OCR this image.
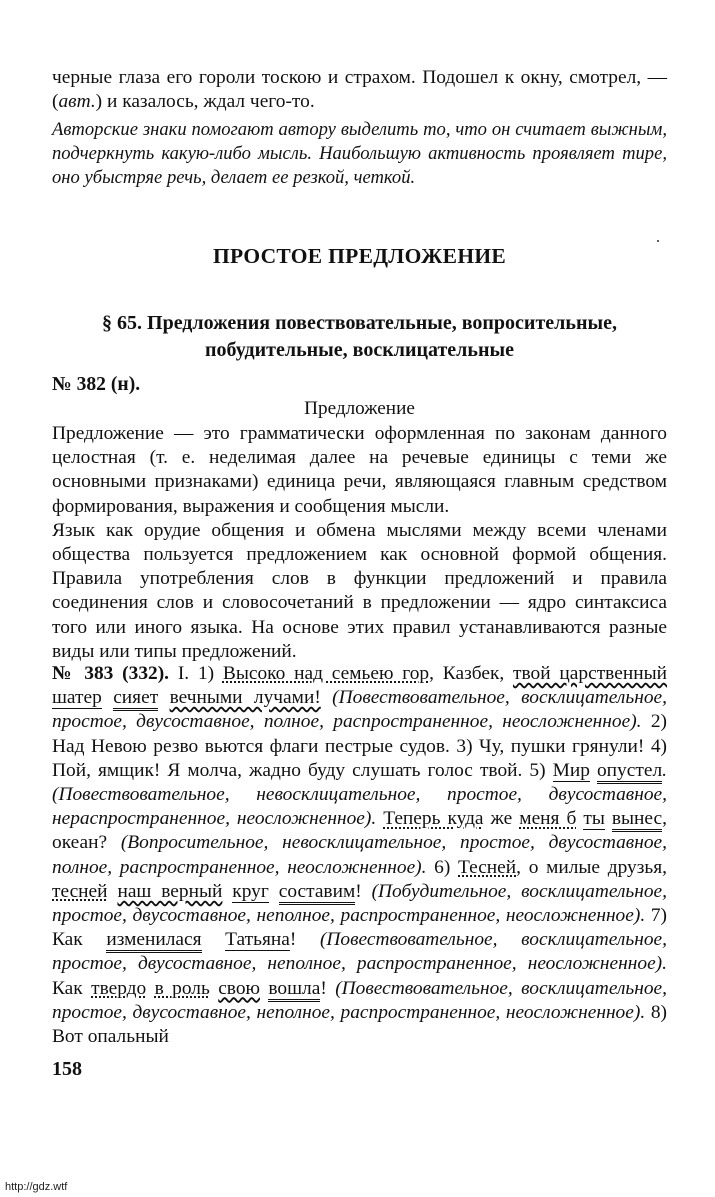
черные глаза его гороли тоскою и страхом. Подошел к окну, смотрел, — (авт.) и казалось, ждал чего-то.

Авторские знаки помогают автору выделить то, что он считает выжным, подчеркнуть какую-либо мысль. Наибольшую активность проявляет тире, оно убыстряе речь, делает ее резкой, четкой.

ПРОСТОЕ ПРЕДЛОЖЕНИЕ
§ 65. Предложения повествовательные, вопросительные,
побудительные, восклицательные
№ 382 (н).
Предложение

Предложение — это грамматически оформленная по законам данного целостная (т. е. неделимая далее на речевые единицы с теми же основными признаками) единица речи, являющаяся главным средством формирования, выражения и сообщения мысли.

Язык как орудие общения и обмена мыслями между всеми членами общества пользуется предложением как основной формой общения. Правила употребления слов в функции предложений и правила соединения слов и словосочетаний в предложении — ядро синтаксиса того или иного языка. На основе этих правил устанавливаются разные виды или типы предложений.

№ 383 (332). I. 1) Высоко над семьею гор, Казбек, твой царственный шатер сияет вечными лучами! (Повествовательное, восклицательное, простое, двусоставное, полное, распространенное, неосложненное). 2) Над Невою резво вьются флаги пестрые судов. 3) Чу, пушки грянули! 4) Пой, ямщик! Я молча, жадно буду слушать голос твой. 5) Мир опустел. (Повествовательное, невосклицательное, простое, двусоставное, нераспространенное, неосложненное). Теперь куда же меня б ты вынес, океан? (Вопросительное, невосклицательное, простое, двусоставное, полное, распространенное, неосложненное). 6) Тесней, о милые друзья, тесней наш верный круг составим! (Побудительное, восклицательное, простое, двусоставное, неполное, распространенное, неосложненное). 7) Как изменилася Татьяна! (Повествовательное, восклицательное, простое, двусоставное, неполное, распространенное, неосложненное). Как твердо в роль свою вошла! (Повествовательное, восклицательное, простое, двусоставное, неполное, распространенное, неосложненное). 8) Вот опальный

158
http://gdz.wtf
